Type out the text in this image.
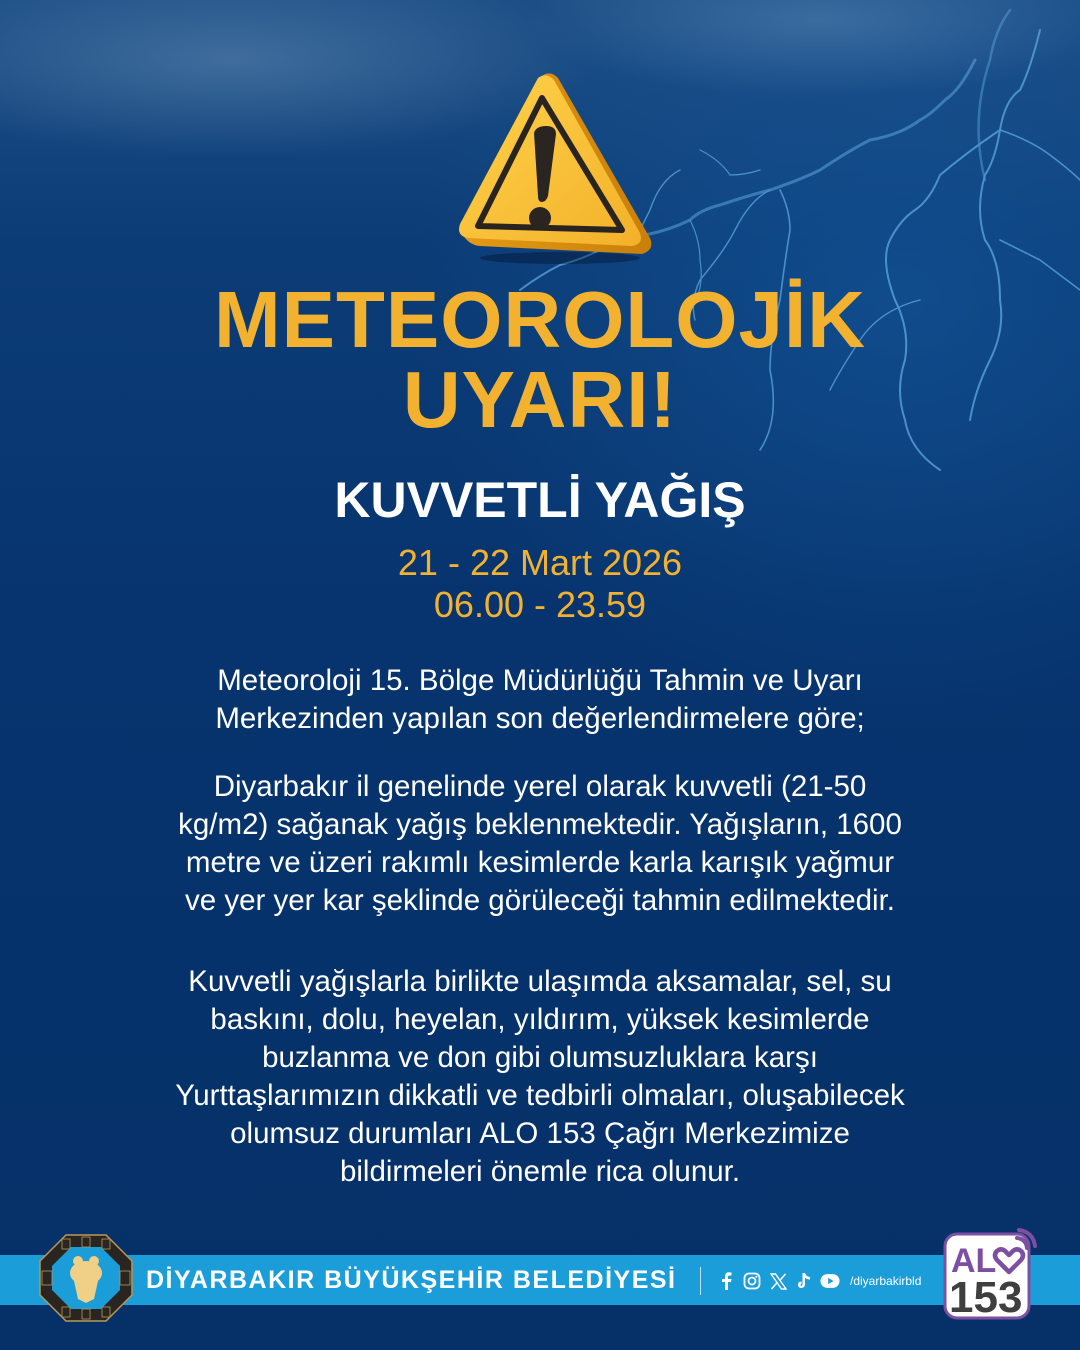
METEOROLOJİK
UYARI!
KUVVETLİ YAĞIŞ
21 - 22 Mart 2026
06.00 - 23.59
Meteoroloji 15. Bölge Müdürlüğü Tahmin ve Uyarı
Merkezinden yapılan son değerlendirmelere göre;
Diyarbakır il genelinde yerel olarak kuvvetli (21-50
kg/m2) sağanak yağış beklenmektedir. Yağışların, 1600
metre ve üzeri rakımlı kesimlerde karla karışık yağmur
ve yer yer kar şeklinde görüleceği tahmin edilmektedir.
Kuvvetli yağışlarla birlikte ulaşımda aksamalar, sel, su
baskını, dolu, heyelan, yıldırım, yüksek kesimlerde
buzlanma ve don gibi olumsuzluklara karşı
Yurttaşlarımızın dikkatli ve tedbirli olmaları, oluşabilecek
olumsuz durumları ALO 153 Çağrı Merkezimize
bildirmeleri önemle rica olunur.
DİYARBAKIR BÜYÜKŞEHİR BELEDİYESİ	/diyarbakirbld
AL
153
